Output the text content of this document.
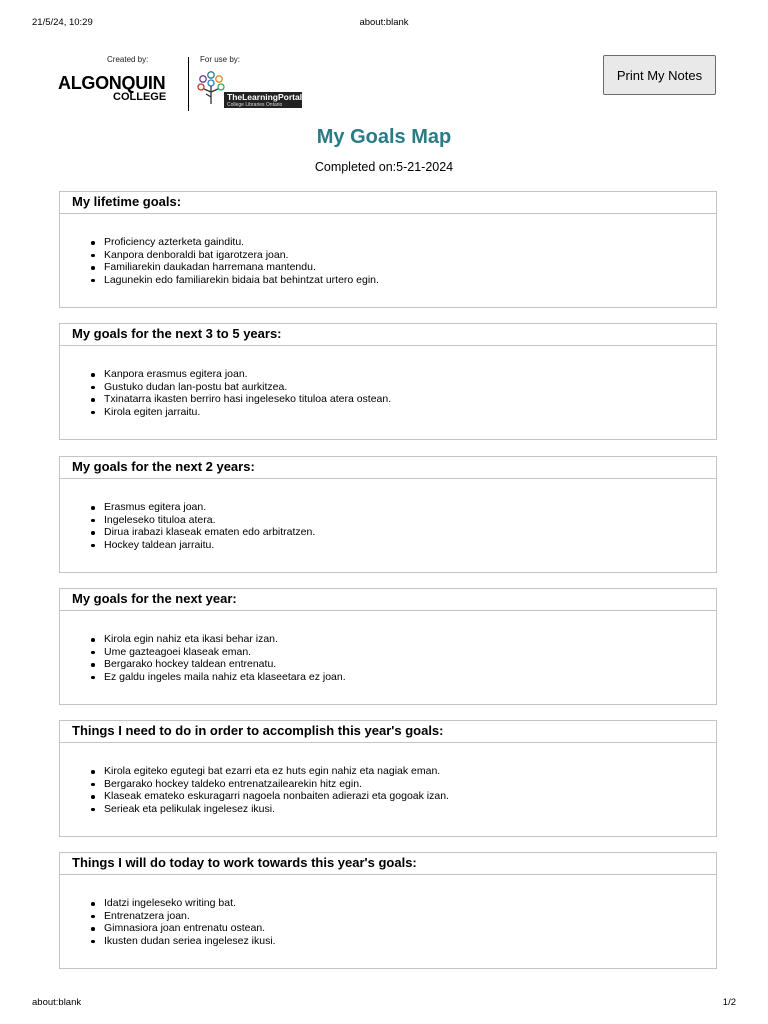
21/5/24, 10:29	about:blank
Created by:
ALGONQUIN
COLLEGE
For use by:
TheLearningPortal
College Libraries Ontario
Print My Notes
My Goals Map
Completed on:5-21-2024
My lifetime goals:
Proficiency azterketa gainditu.
Kanpora denboraldi bat igarotzera joan.
Familiarekin daukadan harremana mantendu.
Lagunekin edo familiarekin bidaia bat behintzat urtero egin.
My goals for the next 3 to 5 years:
Kanpora erasmus egitera joan.
Gustuko dudan lan-postu bat aurkitzea.
Txinatarra ikasten berriro hasi ingeleseko tituloa atera ostean.
Kirola egiten jarraitu.
My goals for the next 2 years:
Erasmus egitera joan.
Ingeleseko tituloa atera.
Dirua irabazi klaseak ematen edo arbitratzen.
Hockey taldean jarraitu.
My goals for the next year:
Kirola egin nahiz eta ikasi behar izan.
Ume gazteagoei klaseak eman.
Bergarako hockey taldean entrenatu.
Ez galdu ingeles maila nahiz eta klaseetara ez joan.
Things I need to do in order to accomplish this year's goals:
Kirola egiteko egutegi bat ezarri eta ez huts egin nahiz eta nagiak eman.
Bergarako hockey taldeko entrenatzailearekin hitz egin.
Klaseak emateko eskuragarri nagoela nonbaiten adierazi eta gogoak izan.
Serieak eta pelikulak ingelesez ikusi.
Things I will do today to work towards this year's goals:
Idatzi ingeleseko writing bat.
Entrenatzera joan.
Gimnasiora joan entrenatu ostean.
Ikusten dudan seriea ingelesez ikusi.
about:blank	1/2
